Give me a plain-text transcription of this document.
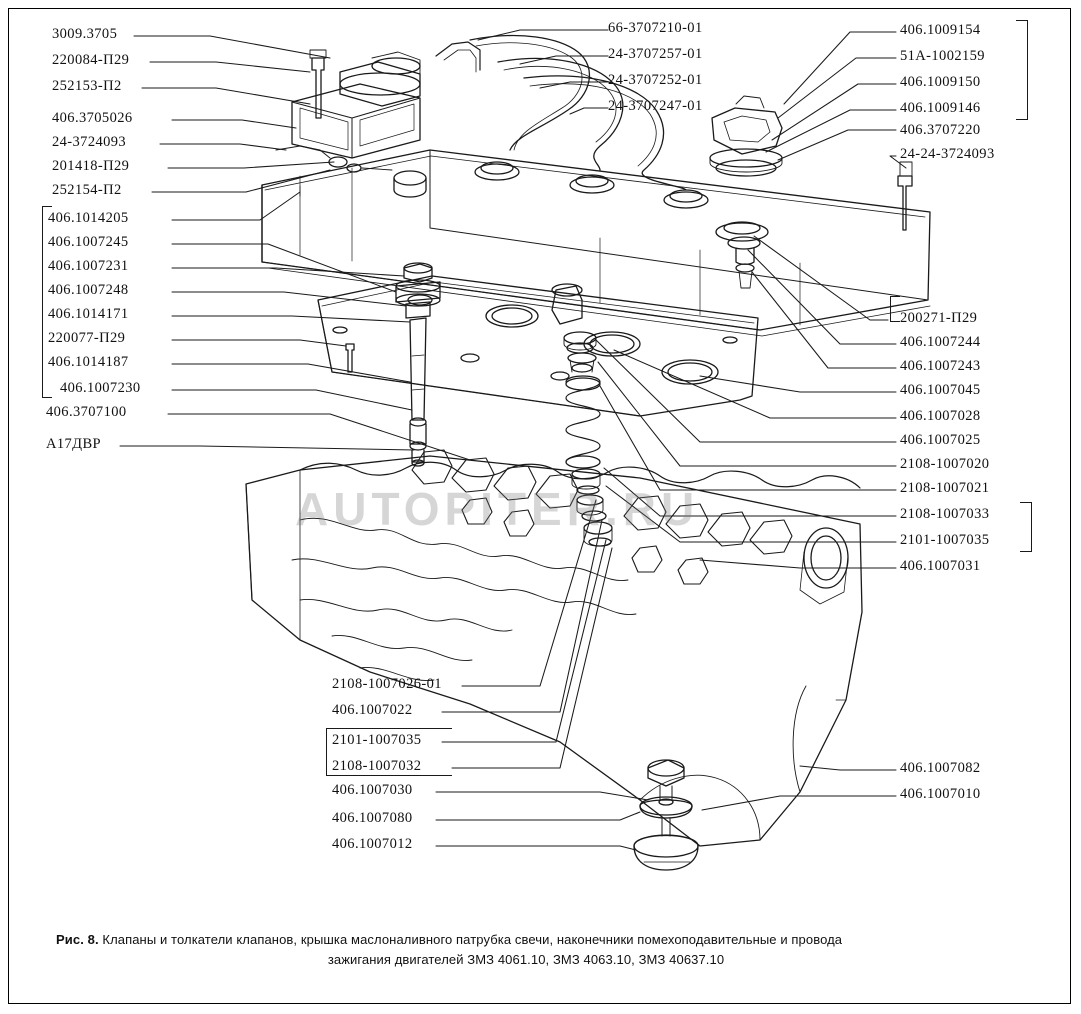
AUTOPITER.RU
3009.3705
220084-П29
252153-П2
406.3705026
24-3724093
201418-П29
252154-П2
406.1014205
406.1007245
406.1007231
406.1007248
406.1014171
220077-П29
406.1014187
406.1007230
406.3707100
А17ДВР
66-3707210-01
24-3707257-01
24-3707252-01
24-3707247-01
406.1009154
51А-1002159
406.1009150
406.1009146
406.3707220
24-24-3724093
200271-П29
406.1007244
406.1007243
406.1007045
406.1007028
406.1007025
2108-1007020
2108-1007021
2108-1007033
2101-1007035
406.1007031
406.1007082
406.1007010
2108-1007026-01
406.1007022
2101-1007035
2108-1007032
406.1007030
406.1007080
406.1007012
Рис. 8. Клапаны и толкатели клапанов, крышка маслоналивного патрубка свечи, наконечники помехоподавительные и провода
зажигания двигателей ЗМЗ 4061.10, ЗМЗ 4063.10, ЗМЗ 40637.10
